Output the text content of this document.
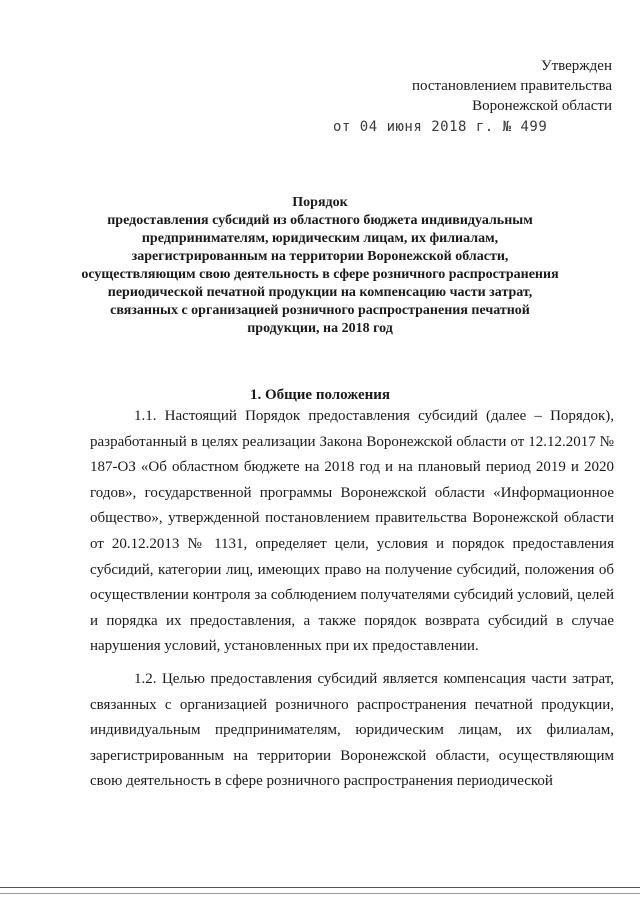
Утвержден
постановлением правительства
Воронежской области
от 04 июня 2018 г. № 499
Порядок
предоставления субсидий из областного бюджета индивидуальным предпринимателям, юридическим лицам, их филиалам, зарегистрированным на территории Воронежской области, осуществляющим свою деятельность в сфере розничного распространения периодической печатной продукции на компенсацию части затрат, связанных с организацией розничного распространения печатной продукции, на 2018 год
1. Общие положения

1.1. Настоящий Порядок предоставления субсидий (далее – Порядок), разработанный в целях реализации Закона Воронежской области от 12.12.2017 № 187-ОЗ «Об областном бюджете на 2018 год и на плановый период 2019 и 2020 годов», государственной программы Воронежской области «Информационное общество», утвержденной постановлением правительства Воронежской области от 20.12.2013 № 1131, определяет цели, условия и порядок предоставления субсидий, категории лиц, имеющих право на получение субсидий, положения об осуществлении контроля за соблюдением получателями субсидий условий, целей и порядка их предоставления, а также порядок возврата субсидий в случае нарушения условий, установленных при их предоставлении.

1.2. Целью предоставления субсидий является компенсация части затрат, связанных с организацией розничного распространения печатной продукции, индивидуальным предпринимателям, юридическим лицам, их филиалам, зарегистрированным на территории Воронежской области, осуществляющим свою деятельность в сфере розничного распространения периодической
